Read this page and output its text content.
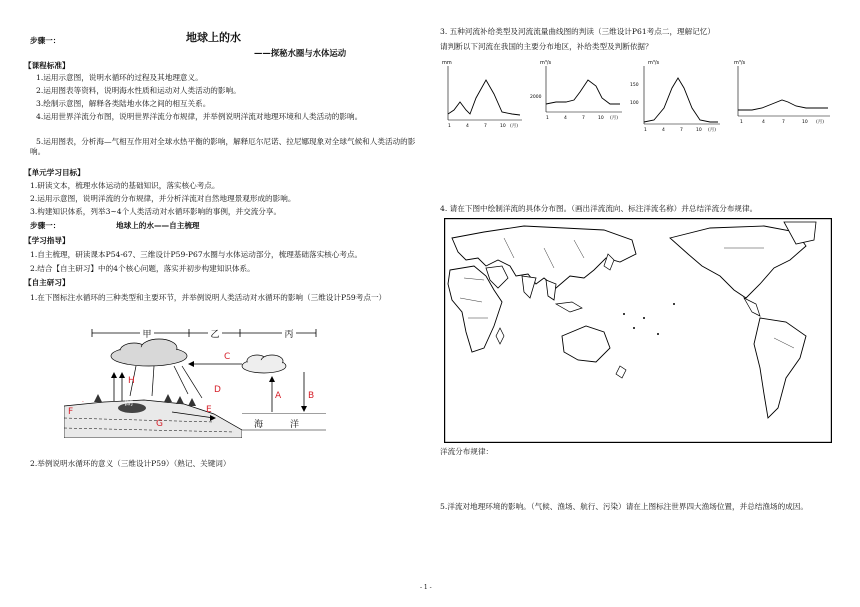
步骤一：	地球上的水
——探秘水圈与水体运动
【课程标准】
1.运用示意图，说明水循环的过程及其地理意义。
2.运用图表等资料，说明海水性质和运动对人类活动的影响。
3.绘制示意图，解释各类陆地水体之间的相互关系。
4.运用世界洋流分布图，说明世界洋流分布规律，并举例说明洋流对地理环境和人类活动的影响。
5.运用图表，分析海—气相互作用对全球水热平衡的影响，解释厄尔尼诺、拉尼娜现象对全球气候和人类活动的影响。
【单元学习目标】
1.研读文本，梳理水体运动的基础知识，落实核心考点。
2.运用示意图，说明洋流的分布规律，并分析洋流对自然地理景观形成的影响。
3.构建知识体系，列举3~4个人类活动对水循环影响的事例，并交流分享。
步骤一：	地球上的水——自主梳理
【学习指导】
1.自主梳理，研读课本P54-67、三维设计P59-P67水圈与水体运动部分，梳理基础落实核心考点。
2.结合【自主研习】中的4个核心问题，落实并初步构建知识体系。
【自主研习】
1.在下图标注水循环的三种类型和主要环节，并举例说明人类活动对水循环的影响（三维设计P59考点一）
甲	乙	丙
C
H
D
湖
F
·
G
E
海	洋
A	B
2.举例说明水循环的意义（三维设计P59）（熟记、关键词）
3. 五种河流补给类型及河流流量曲线图的判读（三维设计P61考点二，理解记忆）
请判断以下河流在我国的主要分布地区，补给类型及判断依据？
mm
1	4	7	10 (月)
m³/s
2000
1	4	7	10 (月)
m³/s
150
100
1	4	7	10 (月)
m³/s
1	4	7	10 (月)
4. 请在下图中绘制洋流的具体分布图。（画出洋流流向、标注洋流名称）并总结洋流分布规律。
洋流分布规律：
5.洋流对地理环境的影响。（气候、渔场、航行、污染）请在上图标注世界四大渔场位置，并总结渔场的成因。
- 1 -
